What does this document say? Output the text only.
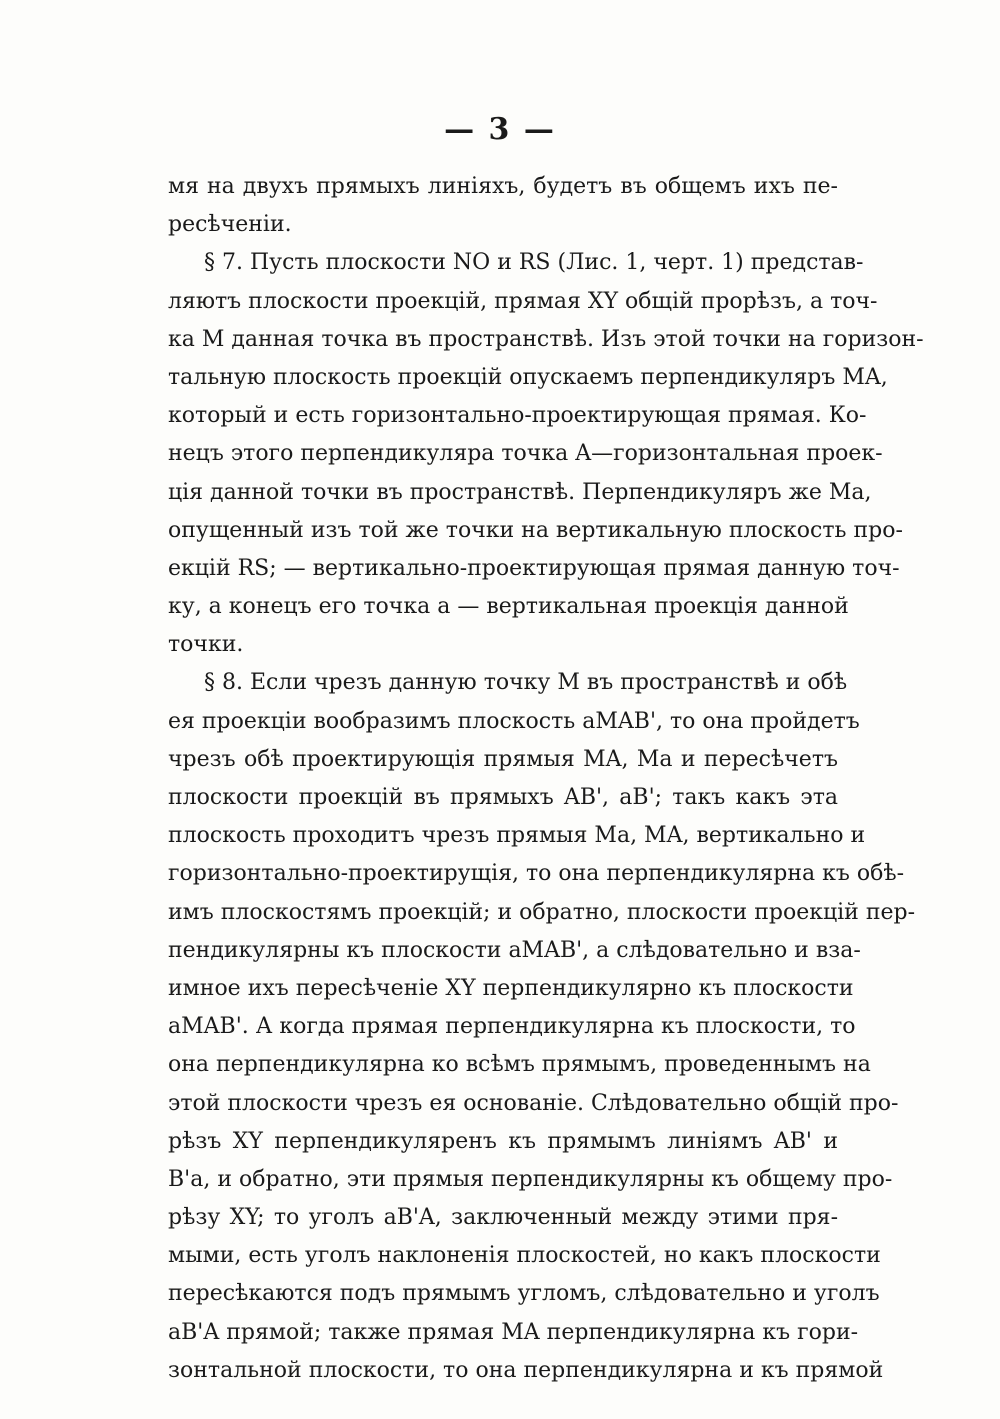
— 3 —
мя на двухъ прямыхъ линіяхъ, будетъ въ общемъ ихъ пе-
ресѣченіи.
§ 7. Пусть плоскости NO и RS (Лис. 1, черт. 1) представ-
ляютъ плоскости проекцій, прямая XY общій прорѣзъ, а точ-
ка M данная точка въ пространствѣ. Изъ этой точки на горизон-
тальную плоскость проекцій опускаемъ перпендикуляръ MA,
который и есть горизонтально-проектирующая прямая. Ко-
нецъ этого перпендикуляра точка A—горизонтальная проек-
ція данной точки въ пространствѣ. Перпендикуляръ же Ma,
опущенный изъ той же точки на вертикальную плоскость про-
екцій RS; — вертикально-проектирующая прямая данную точ-
ку, а конецъ его точка a — вертикальная проекція данной
точки.
§ 8. Если чрезъ данную точку M въ пространствѣ и обѣ
ея проекціи вообразимъ плоскость aMAB', то она пройдетъ
чрезъ обѣ проектирующія прямыя MA, Ma и пересѣчетъ
плоскости проекцій въ прямыхъ AB', aB'; такъ какъ эта
плоскость проходитъ чрезъ прямыя Ma, MA, вертикально и
горизонтально-проектирущія, то она перпендикулярна къ обѣ-
имъ плоскостямъ проекцій; и обратно, плоскости проекцій пер-
пендикулярны къ плоскости aMAB', а слѣдовательно и вза-
имное ихъ пересѣченіе XY перпендикулярно къ плоскости
aMAB'. А когда прямая перпендикулярна къ плоскости, то
она перпендикулярна ко всѣмъ прямымъ, проведеннымъ на
этой плоскости чрезъ ея основаніе. Слѣдовательно общій про-
рѣзъ XY перпендикуляренъ къ прямымъ линіямъ AB' и
B'a, и обратно, эти прямыя перпендикулярны къ общему про-
рѣзу XY; то уголъ aB'A, заключенный между этими пря-
мыми, есть уголъ наклоненія плоскостей, но какъ плоскости
пересѣкаются подъ прямымъ угломъ, слѣдовательно и уголъ
aB'A прямой; также прямая MA перпендикулярна къ гори-
зонтальной плоскости, то она перпендикулярна и къ прямой
